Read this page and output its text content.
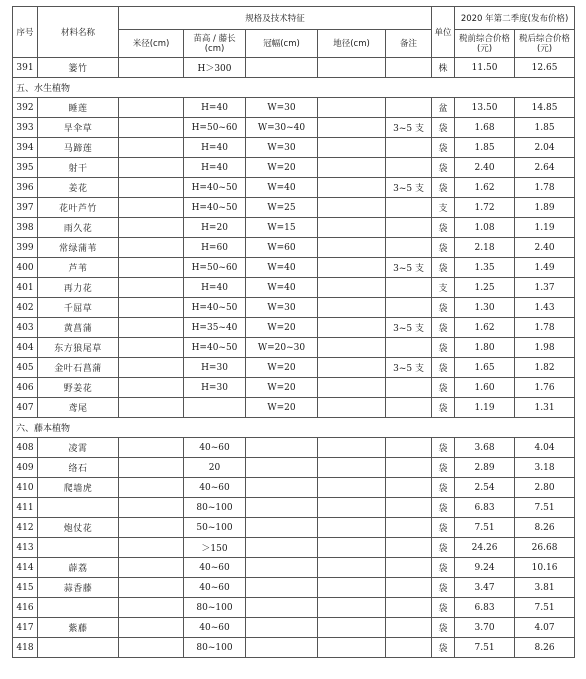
序号	材料名称	规格及技术特征					单位	2020 年第二季度(发布价格)	
		米径(cm)	苗高 / 藤长 (cm)	冠幅(cm)	地径(cm)	备注		税前综合价格(元)	税后综合价格(元)
391	篓竹		H＞300				株	11.50	12.65
五、水生植物									
392	睡莲		H=40	W=30			盆	13.50	14.85
393	旱伞草		H=50~60	W=30~40		3~5 支	袋	1.68	1.85
394	马蹄莲		H=40	W=30			袋	1.85	2.04
395	射干		H=40	W=20			袋	2.40	2.64
396	姜花		H=40~50	W=40		3~5 支	袋	1.62	1.78
397	花叶芦竹		H=40~50	W=25			支	1.72	1.89
398	雨久花		H=20	W=15			袋	1.08	1.19
399	常绿蒲苇		H=60	W=60			袋	2.18	2.40
400	芦苇		H=50~60	W=40		3~5 支	袋	1.35	1.49
401	再力花		H=40	W=40			支	1.25	1.37
402	千屈草		H=40~50	W=30			袋	1.30	1.43
403	黄菖蒲		H=35~40	W=20		3~5 支	袋	1.62	1.78
404	东方狼尾草		H=40~50	W=20~30			袋	1.80	1.98
405	金叶石菖蒲		H=30	W=20		3~5 支	袋	1.65	1.82
406	野姜花		H=30	W=20			袋	1.60	1.76
407	鸢尾			W=20			袋	1.19	1.31
六、藤本植物									
408	凌霄		40~60				袋	3.68	4.04
409	络石		20				袋	2.89	3.18
410	爬墙虎		40~60				袋	2.54	2.80
411			80~100				袋	6.83	7.51
412	炮仗花		50~100				袋	7.51	8.26
413			＞150				袋	24.26	26.68
414	薜荔		40~60				袋	9.24	10.16
415	蒜香藤		40~60				袋	3.47	3.81
416			80~100				袋	6.83	7.51
417	紫藤		40~60				袋	3.70	4.07
418			80~100				袋	7.51	8.26
